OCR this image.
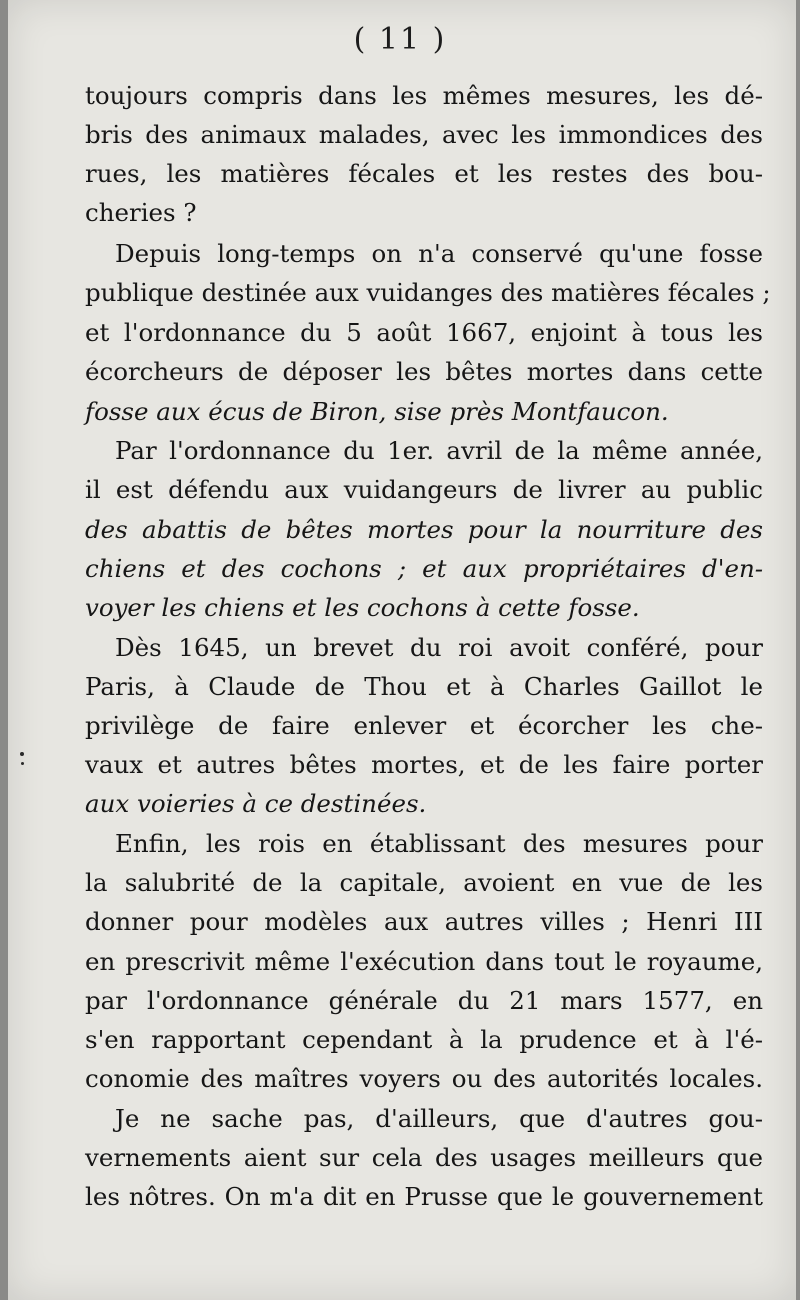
( 11 )
toujours compris dans les mêmes mesures, les dé-
bris des animaux malades, avec les immondices des
rues, les matières fécales et les restes des bou-
cheries ?
Depuis long-temps on n'a conservé qu'une fosse
publique destinée aux vuidanges des matières fécales ;
et l'ordonnance du 5 août 1667, enjoint à tous les
écorcheurs de déposer les bêtes mortes dans cette
fosse aux écus de Biron, sise près Montfaucon.
Par l'ordonnance du 1er. avril de la même année,
il est défendu aux vuidangeurs de livrer au public
des abattis de bêtes mortes pour la nourriture des
chiens et des cochons ; et aux propriétaires d'en-
voyer les chiens et les cochons à cette fosse.
Dès 1645, un brevet du roi avoit conféré, pour
Paris, à Claude de Thou et à Charles Gaillot le
privilège de faire enlever et écorcher les che-
vaux et autres bêtes mortes, et de les faire porter
aux voieries à ce destinées.
Enfin, les rois en établissant des mesures pour
la salubrité de la capitale, avoient en vue de les
donner pour modèles aux autres villes ; Henri III
en prescrivit même l'exécution dans tout le royaume,
par l'ordonnance générale du 21 mars 1577, en
s'en rapportant cependant à la prudence et à l'é-
conomie des maîtres voyers ou des autorités locales.
Je ne sache pas, d'ailleurs, que d'autres gou-
vernements aient sur cela des usages meilleurs que
les nôtres. On m'a dit en Prusse que le gouvernement
